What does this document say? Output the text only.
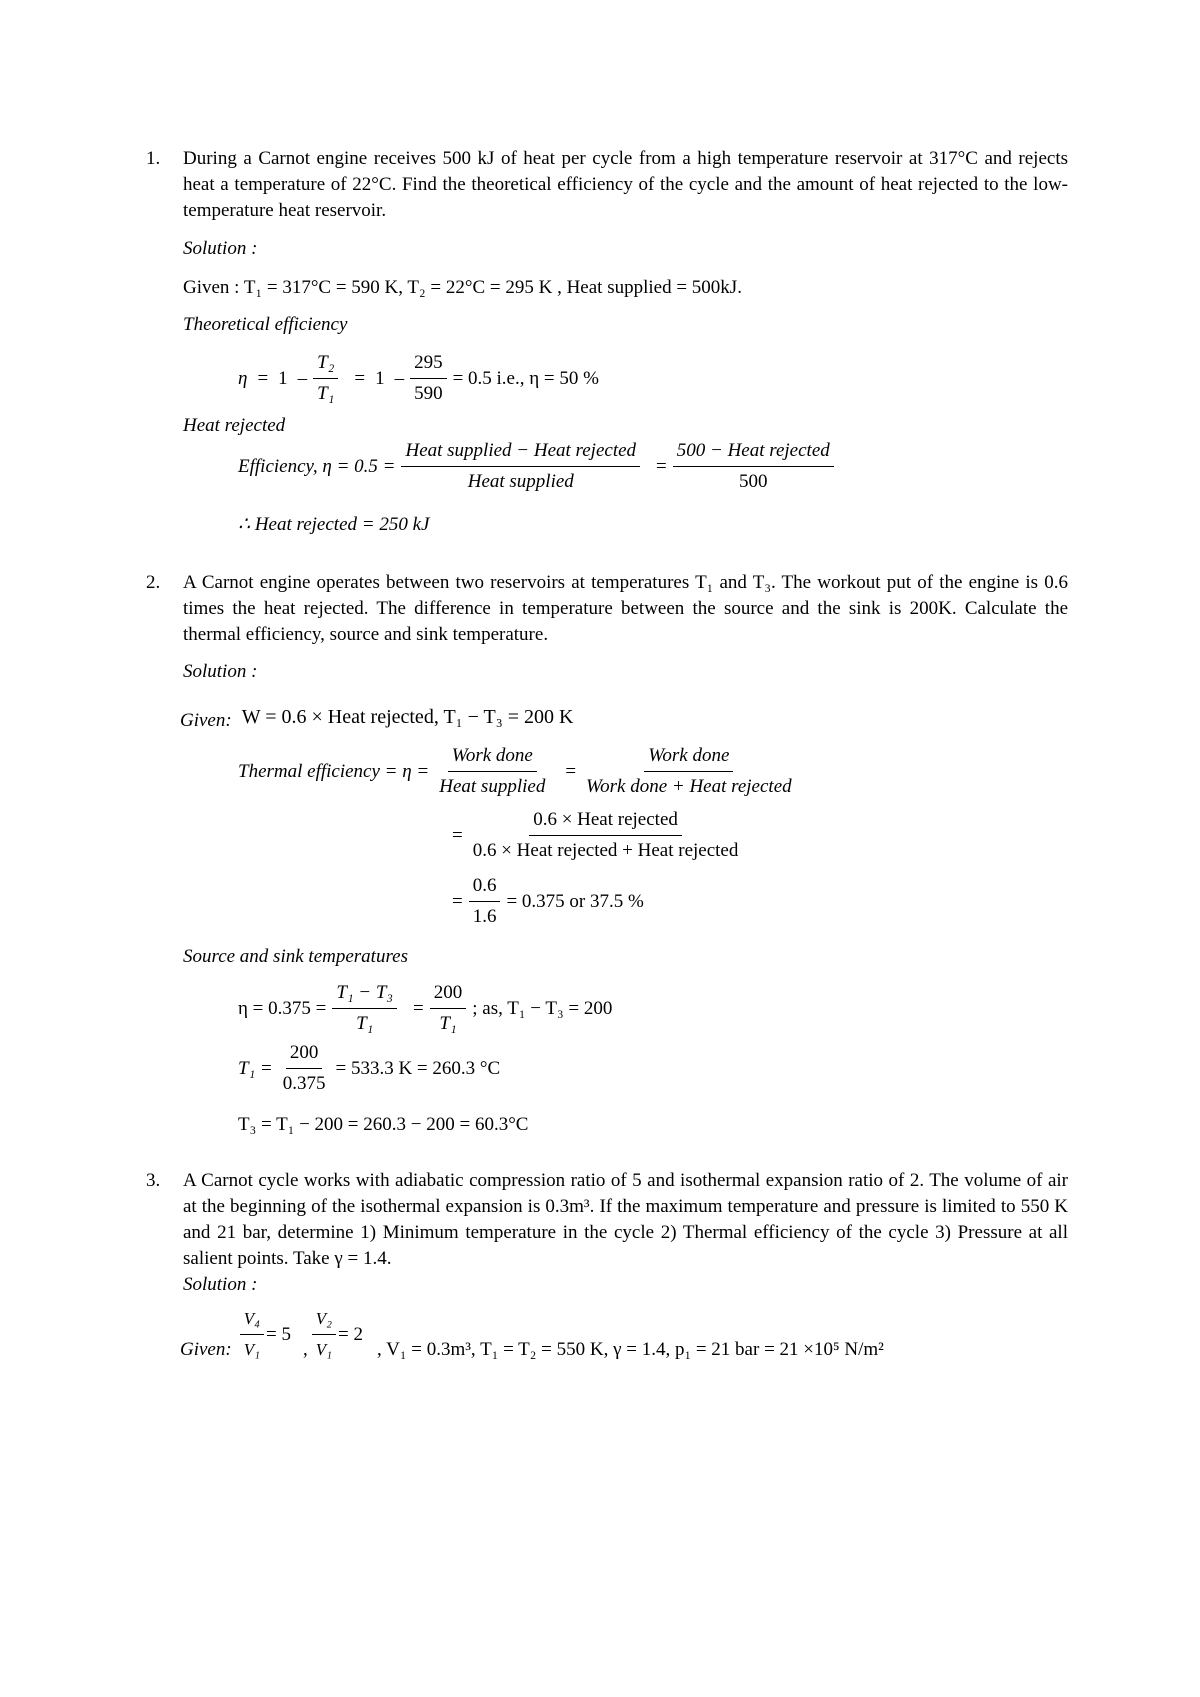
1. During a Carnot engine receives 500 kJ of heat per cycle from a high temperature reservoir at 317°C and rejects heat a temperature of 22°C. Find the theoretical efficiency of the cycle and the amount of heat rejected to the low-temperature heat reservoir.
Solution :
Given : T₁ = 317°C = 590 K, T₂ = 22°C = 295 K , Heat supplied = 500kJ.
Theoretical efficiency
$\eta = 1 - \frac{\text{T₂}}{\text{T₁}} = 1 - \frac{295}{590} = 0.5$ i.e., η = 50 %
Heat rejected
Efficiency, $\eta = 0.5 = \frac{\text{Heat supplied − Heat rejected}}{\text{Heat supplied}} = \frac{\text{500 − Heat rejected}}{500}$
∴ Heat rejected = 250 kJ
2. A Carnot engine operates between two reservoirs at temperatures T₁ and T₃. The workout put of the engine is 0.6 times the heat rejected. The difference in temperature between the source and the sink is 200K. Calculate the thermal efficiency, source and sink temperature.
Solution :
Given: W = 0.6 × Heat rejected, T₁ − T₃ = 200 K
Thermal efficiency = $\eta = \frac{\text{Work done}}{\text{Heat supplied}} = \frac{\text{Work done}}{\text{Work done + Heat rejected}}$
= $\frac{\text{0.6 × Heat rejected}}{\text{0.6 × Heat rejected + Heat rejected}}$
= $\frac{0.6}{1.6} = 0.375$ or 37.5 %
Source and sink temperatures
$\eta = 0.375 = \frac{\text{T₁ − T₃}}{\text{T₁}} = \frac{200}{\text{T₁}}$ ; as, T₁ − T₃ = 200
$T_1 = \frac{200}{0.375} = 533.3$ K = 260.3 °C
T₃ = T₁ − 200 = 260.3 − 200 = 60.3°C
3. A Carnot cycle works with adiabatic compression ratio of 5 and isothermal expansion ratio of 2. The volume of air at the beginning of the isothermal expansion is 0.3m³. If the maximum temperature and pressure is limited to 550 K and 21 bar, determine 1) Minimum temperature in the cycle 2) Thermal efficiency of the cycle 3) Pressure at all salient points. Take γ = 1.4.
Solution :
Given: $\frac{\text{V₄}}{\text{V₁}} = 5$
, $\frac{\text{V₂}}{\text{V₁}} = 2$
, V₁ = 0.3m³, T₁ = T₂ = 550 K, γ = 1.4, p₁ = 21 bar = 21 ×10⁵ N/m²
